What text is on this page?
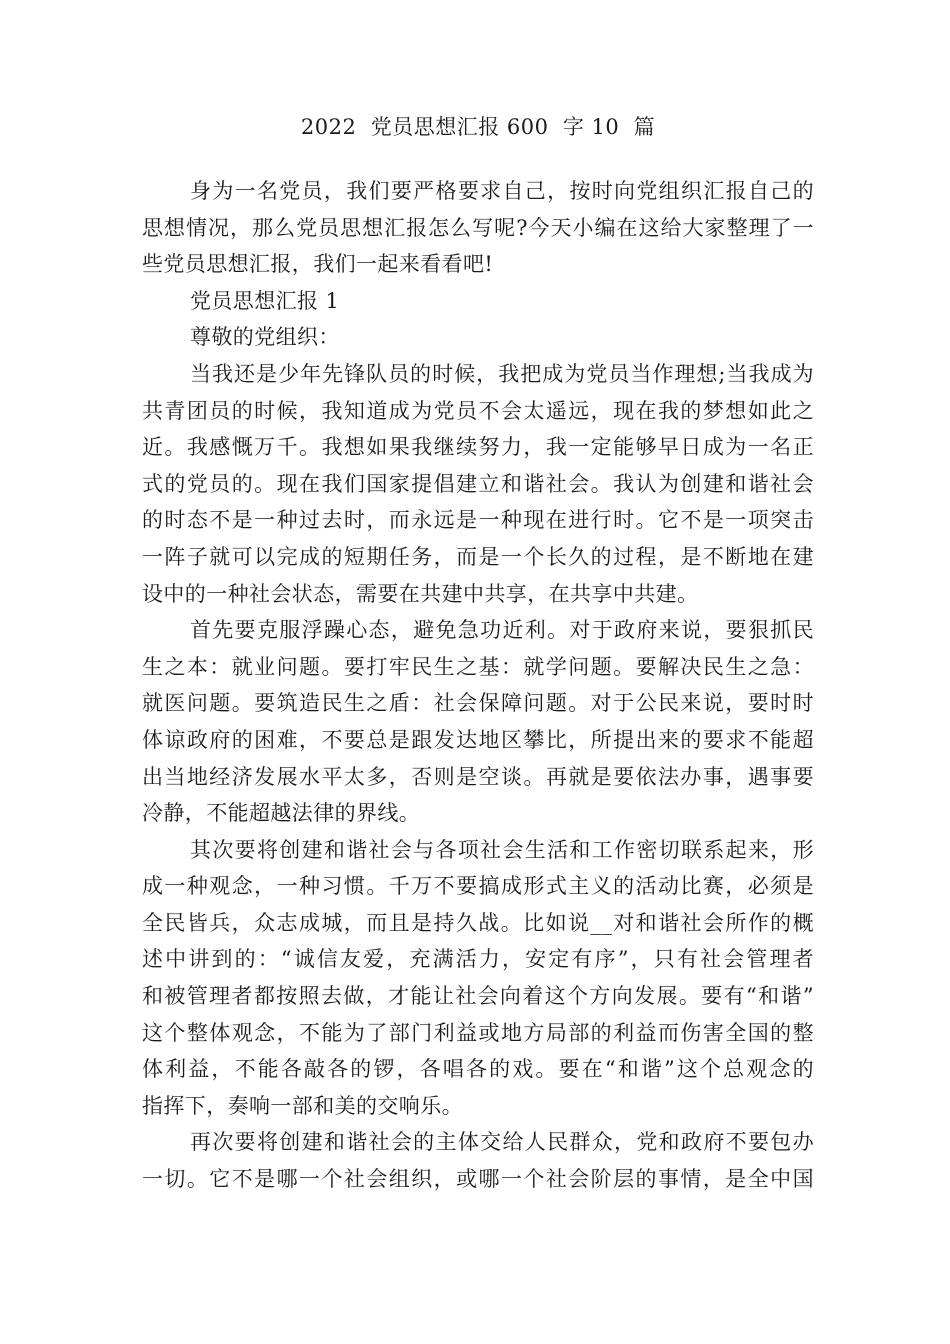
2022  党员思想汇报 600  字 10  篇
身为一名党员，我们要严格要求自己，按时向党组织汇报自己的
思想情况，那么党员思想汇报怎么写呢?今天小编在这给大家整理了一
些党员思想汇报，我们一起来看看吧!
党员思想汇报 1
尊敬的党组织：
当我还是少年先锋队员的时候，我把成为党员当作理想;当我成为
共青团员的时候，我知道成为党员不会太遥远，现在我的梦想如此之
近。我感慨万千。我想如果我继续努力，我一定能够早日成为一名正
式的党员的。现在我们国家提倡建立和谐社会。我认为创建和谐社会
的时态不是一种过去时，而永远是一种现在进行时。它不是一项突击
一阵子就可以完成的短期任务，而是一个长久的过程，是不断地在建
设中的一种社会状态，需要在共建中共享，在共享中共建。
首先要克服浮躁心态，避免急功近利。对于政府来说，要狠抓民
生之本：就业问题。要打牢民生之基：就学问题。要解决民生之急：
就医问题。要筑造民生之盾：社会保障问题。对于公民来说，要时时
体谅政府的困难，不要总是跟发达地区攀比，所提出来的要求不能超
出当地经济发展水平太多，否则是空谈。再就是要依法办事，遇事要
冷静，不能超越法律的界线。
其次要将创建和谐社会与各项社会生活和工作密切联系起来，形
成一种观念，一种习惯。千万不要搞成形式主义的活动比赛，必须是
全民皆兵，众志成城，而且是持久战。比如说__对和谐社会所作的概
述中讲到的：“诚信友爱，充满活力，安定有序”，只有社会管理者
和被管理者都按照去做，才能让社会向着这个方向发展。要有“和谐”
这个整体观念，不能为了部门利益或地方局部的利益而伤害全国的整
体利益，不能各敲各的锣，各唱各的戏。要在“和谐”这个总观念的
指挥下，奏响一部和美的交响乐。
再次要将创建和谐社会的主体交给人民群众，党和政府不要包办
一切。它不是哪一个社会组织，或哪一个社会阶层的事情，是全中国
